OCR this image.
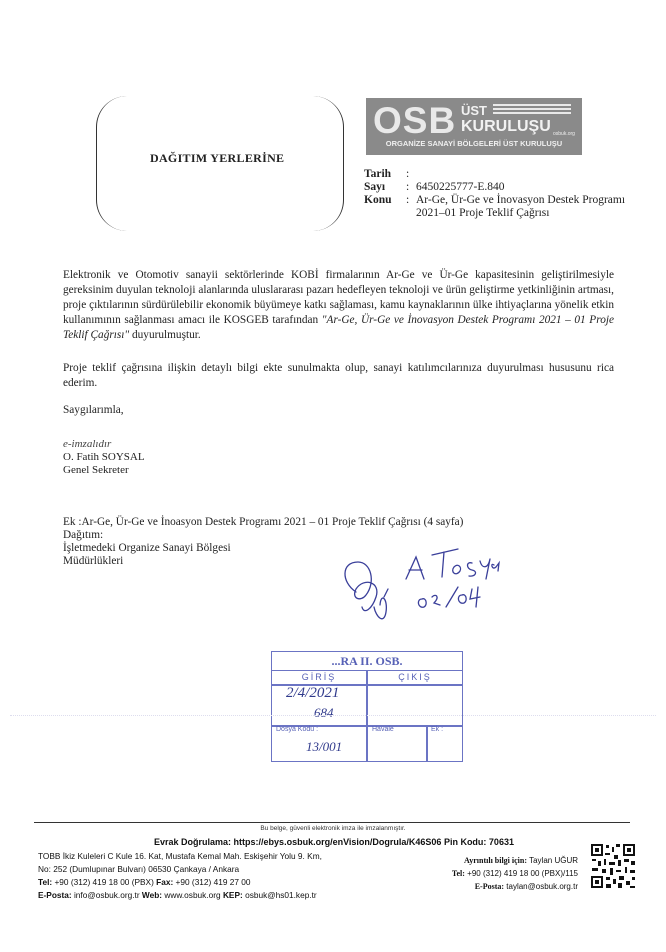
DAĞITIM YERLERİNE
OSB ÜST
KURULUŞU osbuk.org
ORGANİZE SANAYİ BÖLGELERİ ÜST KURULUŞU
Tarih	:
Sayı	: 6450225777-E.840
Konu	: Ar-Ge, Ür-Ge ve İnovasyon Destek Programı 2021–01 Proje Teklif Çağrısı
Elektronik ve Otomotiv sanayii sektörlerinde KOBİ firmalarının Ar-Ge ve Ür-Ge kapasitesinin geliştirilmesiyle gereksinim duyulan teknoloji alanlarında uluslararası pazarı hedefleyen teknoloji ve ürün geliştirme yetkinliğinin artması, proje çıktılarının sürdürülebilir ekonomik büyümeye katkı sağlaması, kamu kaynaklarının ülke ihtiyaçlarına yönelik etkin kullanımının sağlanması amacı ile KOSGEB tarafından "Ar-Ge, Ür-Ge ve İnovasyon Destek Programı 2021 – 01 Proje Teklif Çağrısı" duyurulmuştur.
Proje teklif çağrısına ilişkin detaylı bilgi ekte sunulmakta olup, sanayi katılımcılarınıza duyurulması hususunu rica ederim.
Saygılarımla,
e-imzalıdır
O. Fatih SOYSAL
Genel Sekreter
Ek :Ar-Ge, Ür-Ge ve İnoasyon Destek Programı 2021 – 01 Proje Teklif Çağrısı (4 sayfa)
Dağıtım:
İşletmedeki Organize Sanayi Bölgesi
Müdürlükleri
...RA II. OSB.
GİRİŞ	ÇIKIŞ
2/4/2021
684
Dosya Kodu :	Havale	Ek :
13/001
Bu belge, güvenli elektronik imza ile imzalanmıştır.
Evrak Doğrulama: https://ebys.osbuk.org/enVision/Dogrula/K46S06 Pin Kodu: 70631
TOBB İkiz Kuleleri C Kule 16. Kat, Mustafa Kemal Mah. Eskişehir Yolu 9. Km,
No: 252 (Dumlupınar Bulvarı) 06530 Çankaya / Ankara
Tel: +90 (312) 419 18 00 (PBX) Fax: +90 (312) 419 27 00
E-Posta: info@osbuk.org.tr Web: www.osbuk.org KEP: osbuk@hs01.kep.tr
Ayrıntılı bilgi için: Taylan UĞUR
Tel: +90 (312) 419 18 00 (PBX)/115
E-Posta: taylan@osbuk.org.tr
